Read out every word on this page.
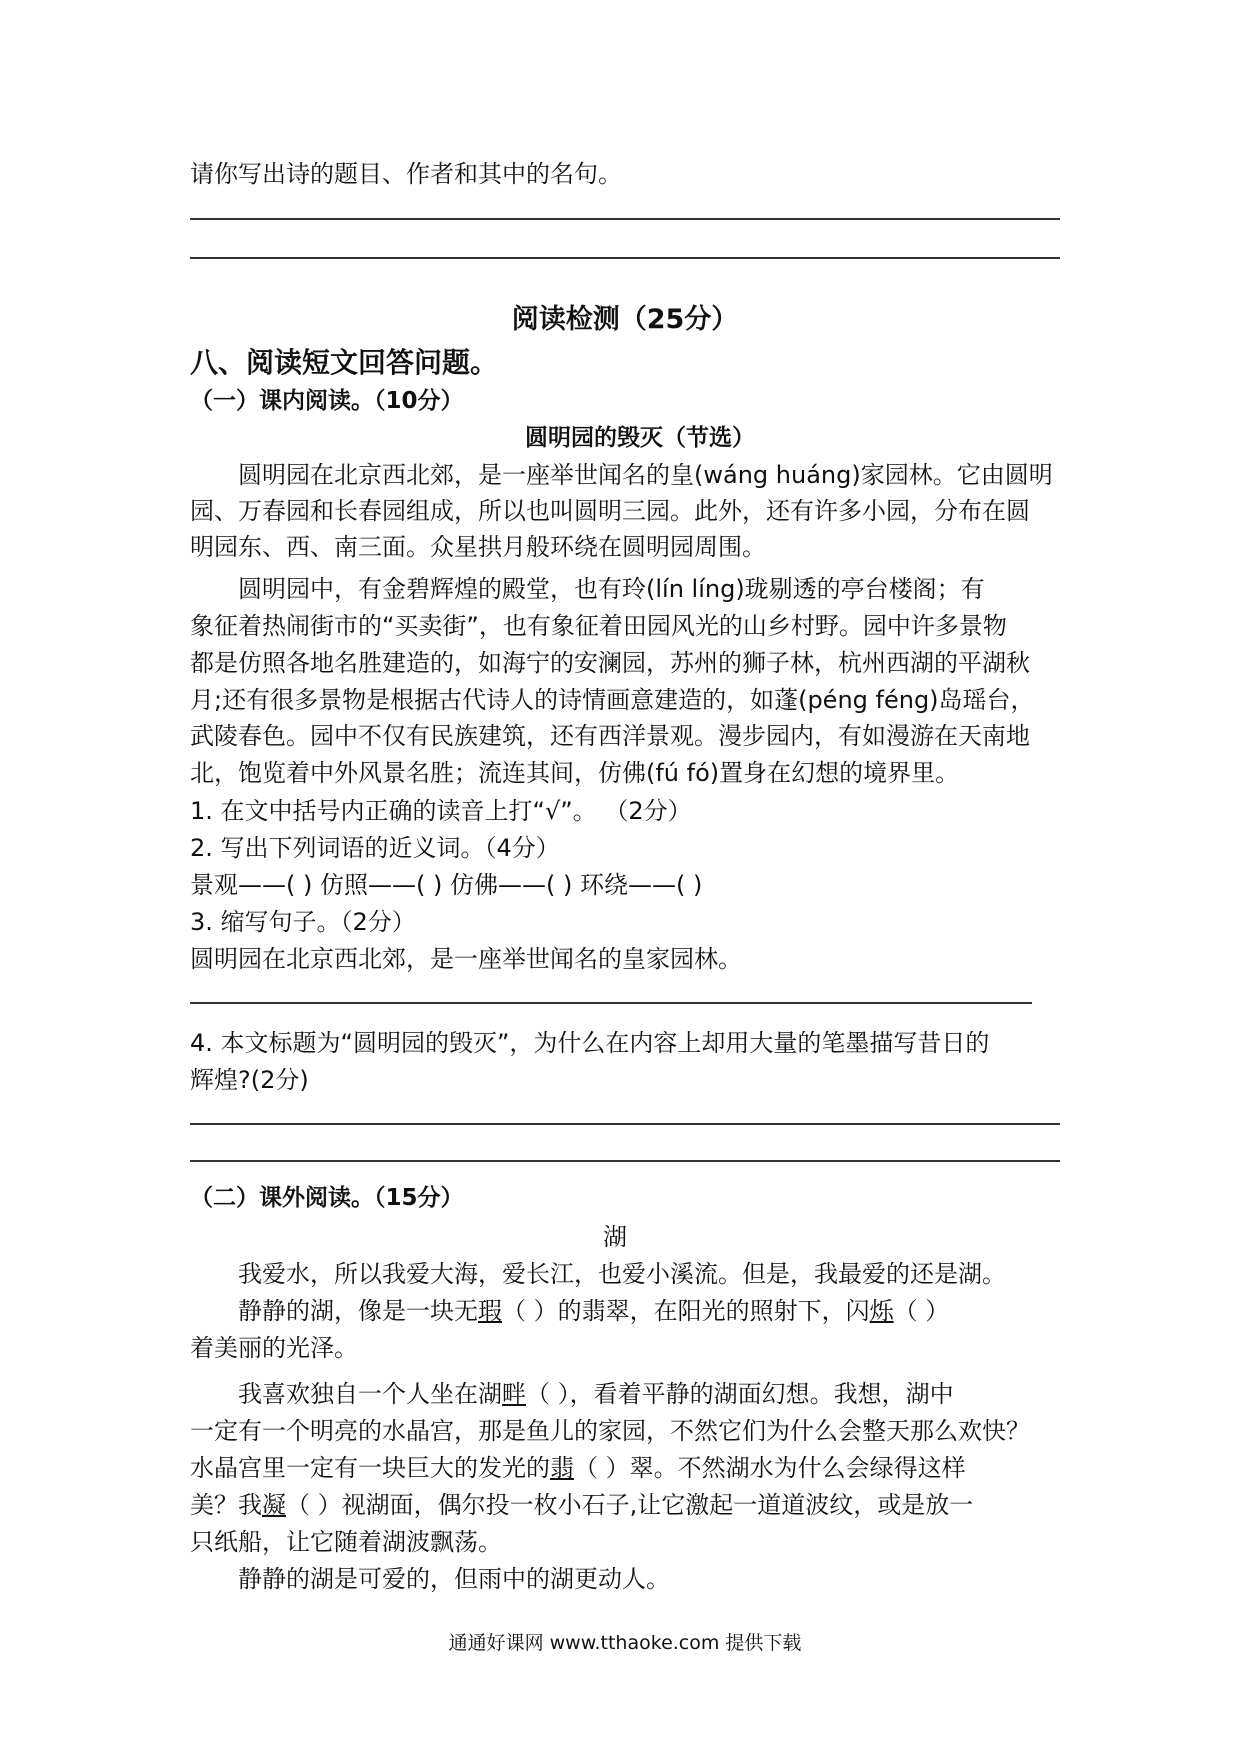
请你写出诗的题目、作者和其中的名句。
阅读检测（25分）
八、阅读短文回答问题。
（一）课内阅读。（10分）
圆明园的毁灭（节选）
圆明园在北京西北郊，是一座举世闻名的皇(wáng huáng)家园林。它由圆明
园、万春园和长春园组成，所以也叫圆明三园。此外，还有许多小园，分布在圆
明园东、西、南三面。众星拱月般环绕在圆明园周围。
圆明园中，有金碧辉煌的殿堂，也有玲(lín líng)珑剔透的亭台楼阁；有
象征着热闹街市的“买卖街”，也有象征着田园风光的山乡村野。园中许多景物
都是仿照各地名胜建造的，如海宁的安澜园，苏州的狮子林，杭州西湖的平湖秋
月;还有很多景物是根据古代诗人的诗情画意建造的，如蓬(péng féng)岛瑶台，
武陵春色。园中不仅有民族建筑，还有西洋景观。漫步园内，有如漫游在天南地
北，饱览着中外风景名胜；流连其间，仿佛(fú fó)置身在幻想的境界里。
1. 在文中括号内正确的读音上打“√”。 （2分）
2. 写出下列词语的近义词。（4分）
景观——( ) 仿照——( ) 仿佛——( ) 环绕——( )
3. 缩写句子。（2分）
圆明园在北京西北郊，是一座举世闻名的皇家园林。
4. 本文标题为“圆明园的毁灭”，为什么在内容上却用大量的笔墨描写昔日的
辉煌?(2分)
（二）课外阅读。（15分）
湖
我爱水，所以我爱大海，爱长江，也爱小溪流。但是，我最爱的还是湖。
静静的湖，像是一块无瑕（ ）的翡翠，在阳光的照射下，闪烁（ ）
着美丽的光泽。
我喜欢独自一个人坐在湖畔（ ），看着平静的湖面幻想。我想，湖中
一定有一个明亮的水晶宫，那是鱼儿的家园，不然它们为什么会整天那么欢快？
水晶宫里一定有一块巨大的发光的翡（ ）翠。不然湖水为什么会绿得这样
美？我凝（ ）视湖面，偶尔投一枚小石子,让它激起一道道波纹，或是放一
只纸船，让它随着湖波飘荡。
静静的湖是可爱的，但雨中的湖更动人。
通通好课网 www.tthaoke.com 提供下载
